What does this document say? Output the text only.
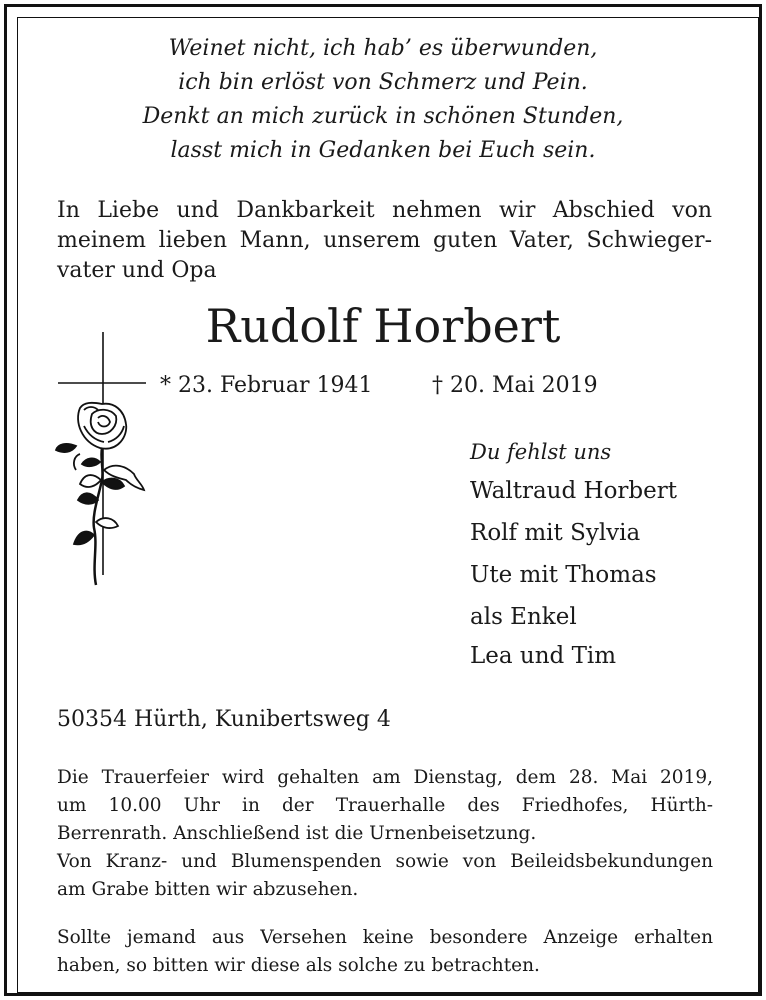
Weinet nicht, ich hab’ es überwunden,
ich bin erlöst von Schmerz und Pein.
Denkt an mich zurück in schönen Stunden,
lasst mich in Gedanken bei Euch sein.
In Liebe und Dankbarkeit nehmen wir Abschied von
meinem lieben Mann, unserem guten Vater, Schwieger-
vater und Opa
Rudolf Horbert
* 23. Februar 1941	† 20. Mai 2019
Du fehlst uns
Waltraud Horbert
Rolf mit Sylvia
Ute mit Thomas
als Enkel
Lea und Tim
50354 Hürth, Kunibertsweg 4
Die Trauerfeier wird gehalten am Dienstag, dem 28. Mai 2019,
um 10.00 Uhr in der Trauerhalle des Friedhofes, Hürth-
Berrenrath. Anschließend ist die Urnenbeisetzung.
Von Kranz- und Blumenspenden sowie von Beileidsbekundungen
am Grabe bitten wir abzusehen.
Sollte jemand aus Versehen keine besondere Anzeige erhalten
haben, so bitten wir diese als solche zu betrachten.
